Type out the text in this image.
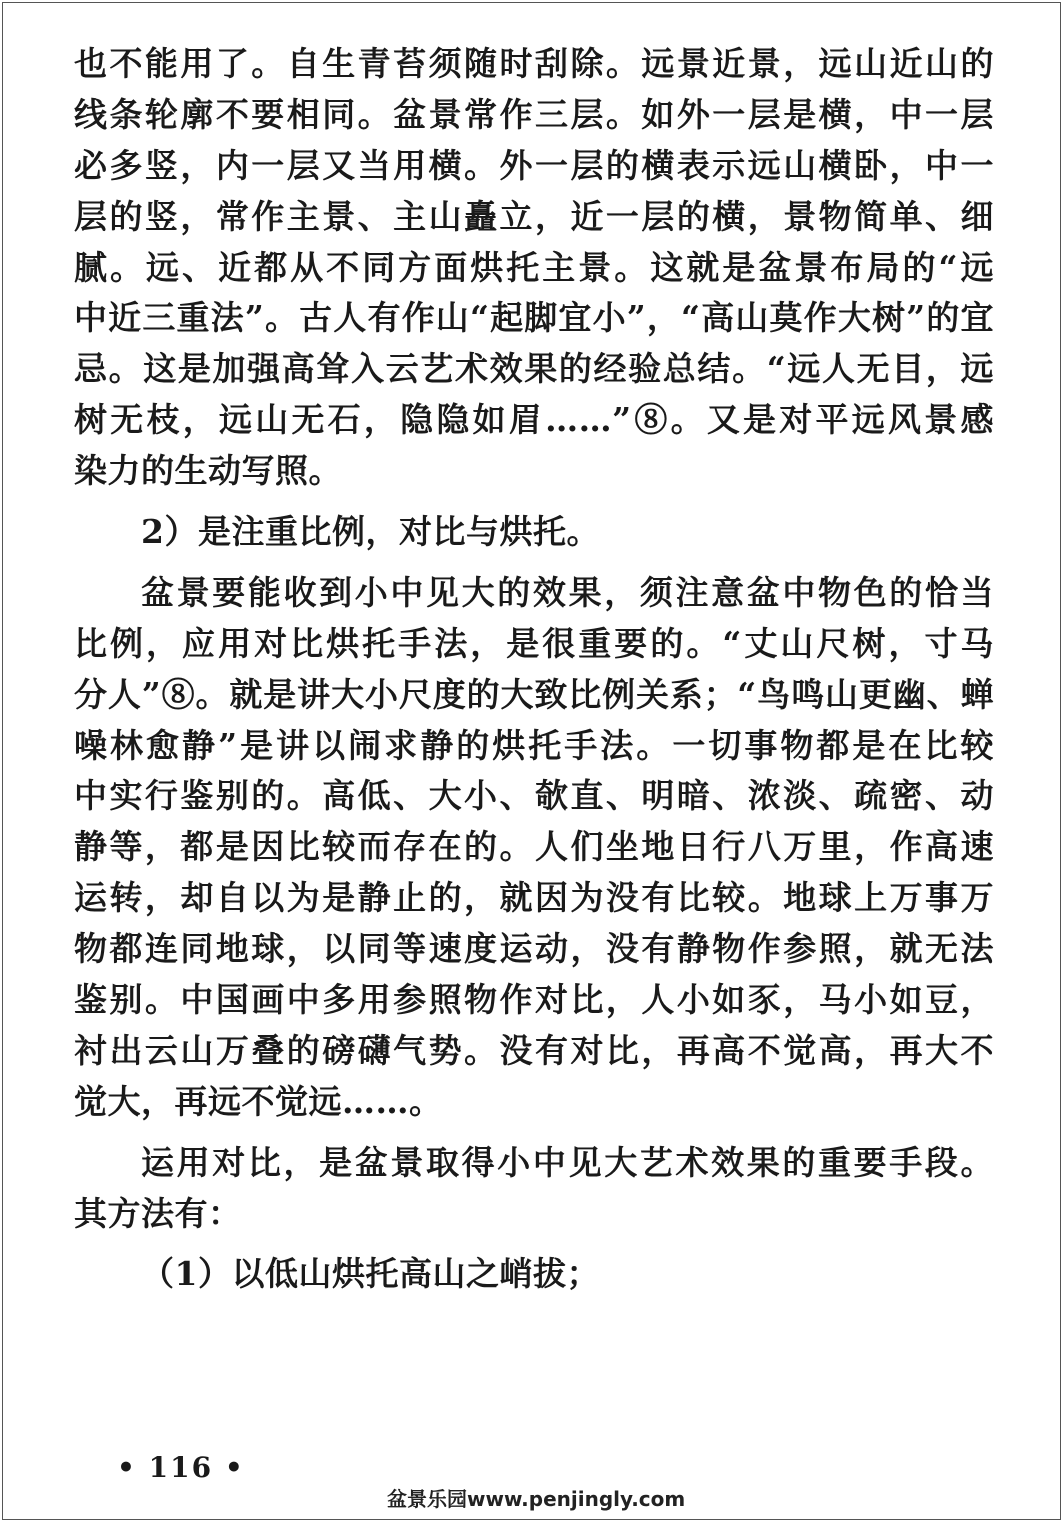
也不能用了。自生青苔须随时刮除。远景近景，远山近山的
线条轮廓不要相同。盆景常作三层。如外一层是横，中一层
必多竖，内一层又当用横。外一层的横表示远山横卧，中一
层的竖，常作主景、主山矗立，近一层的横，景物简单、细
腻。远、近都从不同方面烘托主景。这就是盆景布局的“远
中近三重法”。古人有作山“起脚宜小”，“高山莫作大树”的宜
忌。这是加强高耸入云艺术效果的经验总结。“远人无目，远
树无枝，远山无石，隐隐如眉……”⑧。又是对平远风景感
染力的生动写照。
2）是注重比例，对比与烘托。
盆景要能收到小中见大的效果，须注意盆中物色的恰当
比例，应用对比烘托手法，是很重要的。“丈山尺树，寸马
分人”⑧。就是讲大小尺度的大致比例关系；“鸟鸣山更幽、蝉
噪林愈静”是讲以闹求静的烘托手法。一切事物都是在比较
中实行鉴别的。高低、大小、欹直、明暗、浓淡、疏密、动
静等，都是因比较而存在的。人们坐地日行八万里，作高速
运转，却自以为是静止的，就因为没有比较。地球上万事万
物都连同地球，以同等速度运动，没有静物作参照，就无法
鉴别。中国画中多用参照物作对比，人小如豕，马小如豆，
衬出云山万叠的磅礴气势。没有对比，再高不觉高，再大不
觉大，再远不觉远……。
运用对比，是盆景取得小中见大艺术效果的重要手段。
其方法有：
（1）以低山烘托高山之峭拔；
• 116 •
盆景乐园www.penjingly.com
